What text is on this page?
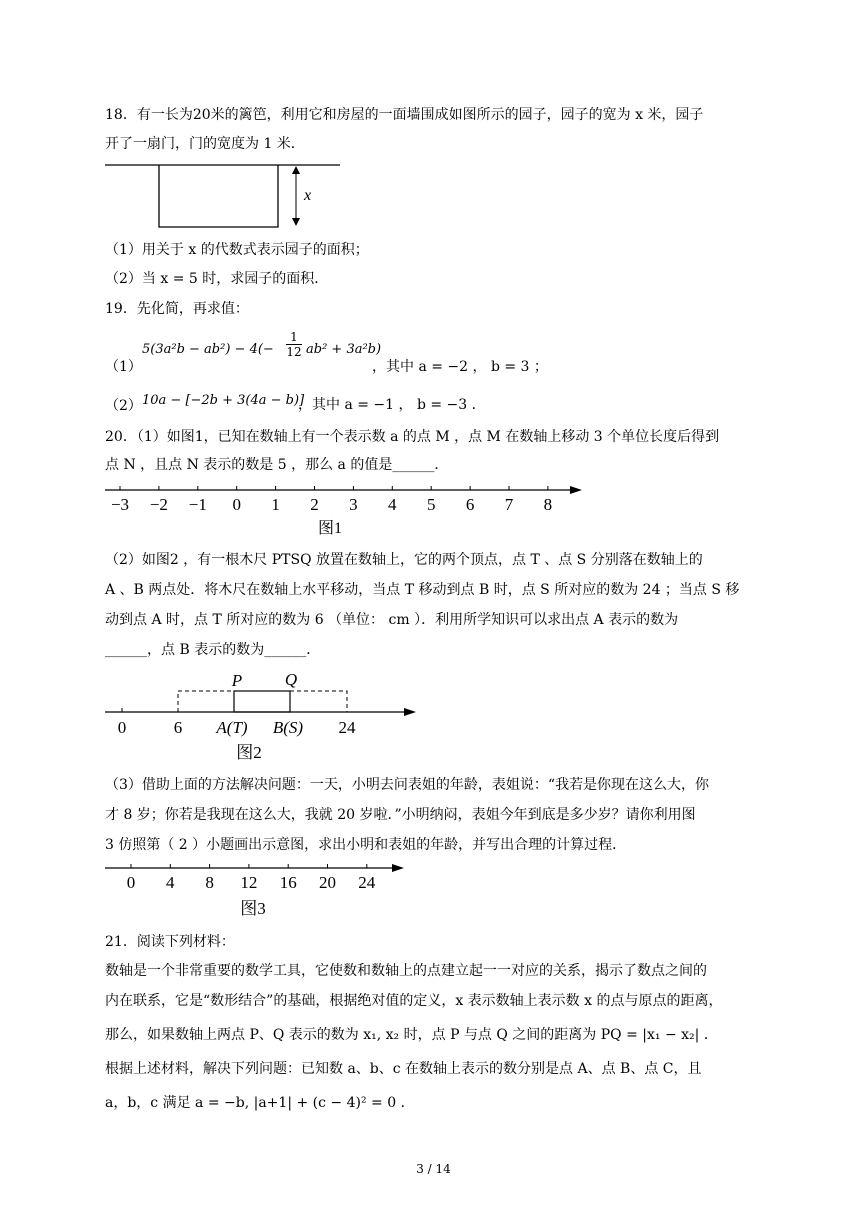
18．有一长为20米的篱笆，利用它和房屋的一面墙围成如图所示的园子，园子的宽为 x 米，园子
开了一扇门，门的宽度为 1 米．
x
（1）用关于 x 的代数式表示园子的面积；
（2）当 x = 5 时，求园子的面积．
19．先化简，再求值：
（1）
$5(3a^2b - ab^2) - 4(- \frac{1}{12} ab^2 + 3a^2b)$
，其中 a = −2 ， b = 3 ；
（2） 10a − [−2b + 3(4a − b)]
，其中 a = −1 ， b = −3 ．
20．（1）如图1，已知在数轴上有一个表示数 a 的点 M ，点 M 在数轴上移动 3 个单位长度后得到
点 N ，且点 N 表示的数是 5 ，那么 a 的值是______．
−3 −2 −1 0 1 2 3 4 5 6 7 8
图1
（2）如图2 ，有一根木尺 PTSQ 放置在数轴上，它的两个顶点，点 T 、点 S 分别落在数轴上的
A 、B 两点处．将木尺在数轴上水平移动，当点 T 移动到点 B 时，点 S 所对应的数为 24 ；当点 S 移
动到点 A 时，点 T 所对应的数为 6 （单位： cm ）．利用所学知识可以求出点 A 表示的数为
______，点 B 表示的数为______．
P	Q
0	6 A(T) B(S) 24
图2
（3）借助上面的方法解决问题：一天，小明去问表姐的年龄，表姐说：“我若是你现在这么大，你
才 8 岁；你若是我现在这么大，我就 20 岁啦．”小明纳闷，表姐今年到底是多少岁？请你利用图
3 仿照第（ 2 ）小题画出示意图，求出小明和表姐的年龄，并写出合理的计算过程．
0 4 8 12 16 20 24
图3
21．阅读下列材料：
数轴是一个非常重要的数学工具，它使数和数轴上的点建立起一一对应的关系，揭示了数点之间的
内在联系，它是“数形结合”的基础，根据绝对值的定义，x 表示数轴上表示数 x 的点与原点的距离，
那么，如果数轴上两点 P、Q 表示的数为 x₁, x₂ 时，点 P 与点 Q 之间的距离为 PQ = |x₁ − x₂| ．
根据上述材料，解决下列问题：已知数 a、b、c 在数轴上表示的数分别是点 A、点 B、点 C，且
a，b，c 满足 a = −b, |a+1| + (c − 4)² = 0 ．
3 / 14
